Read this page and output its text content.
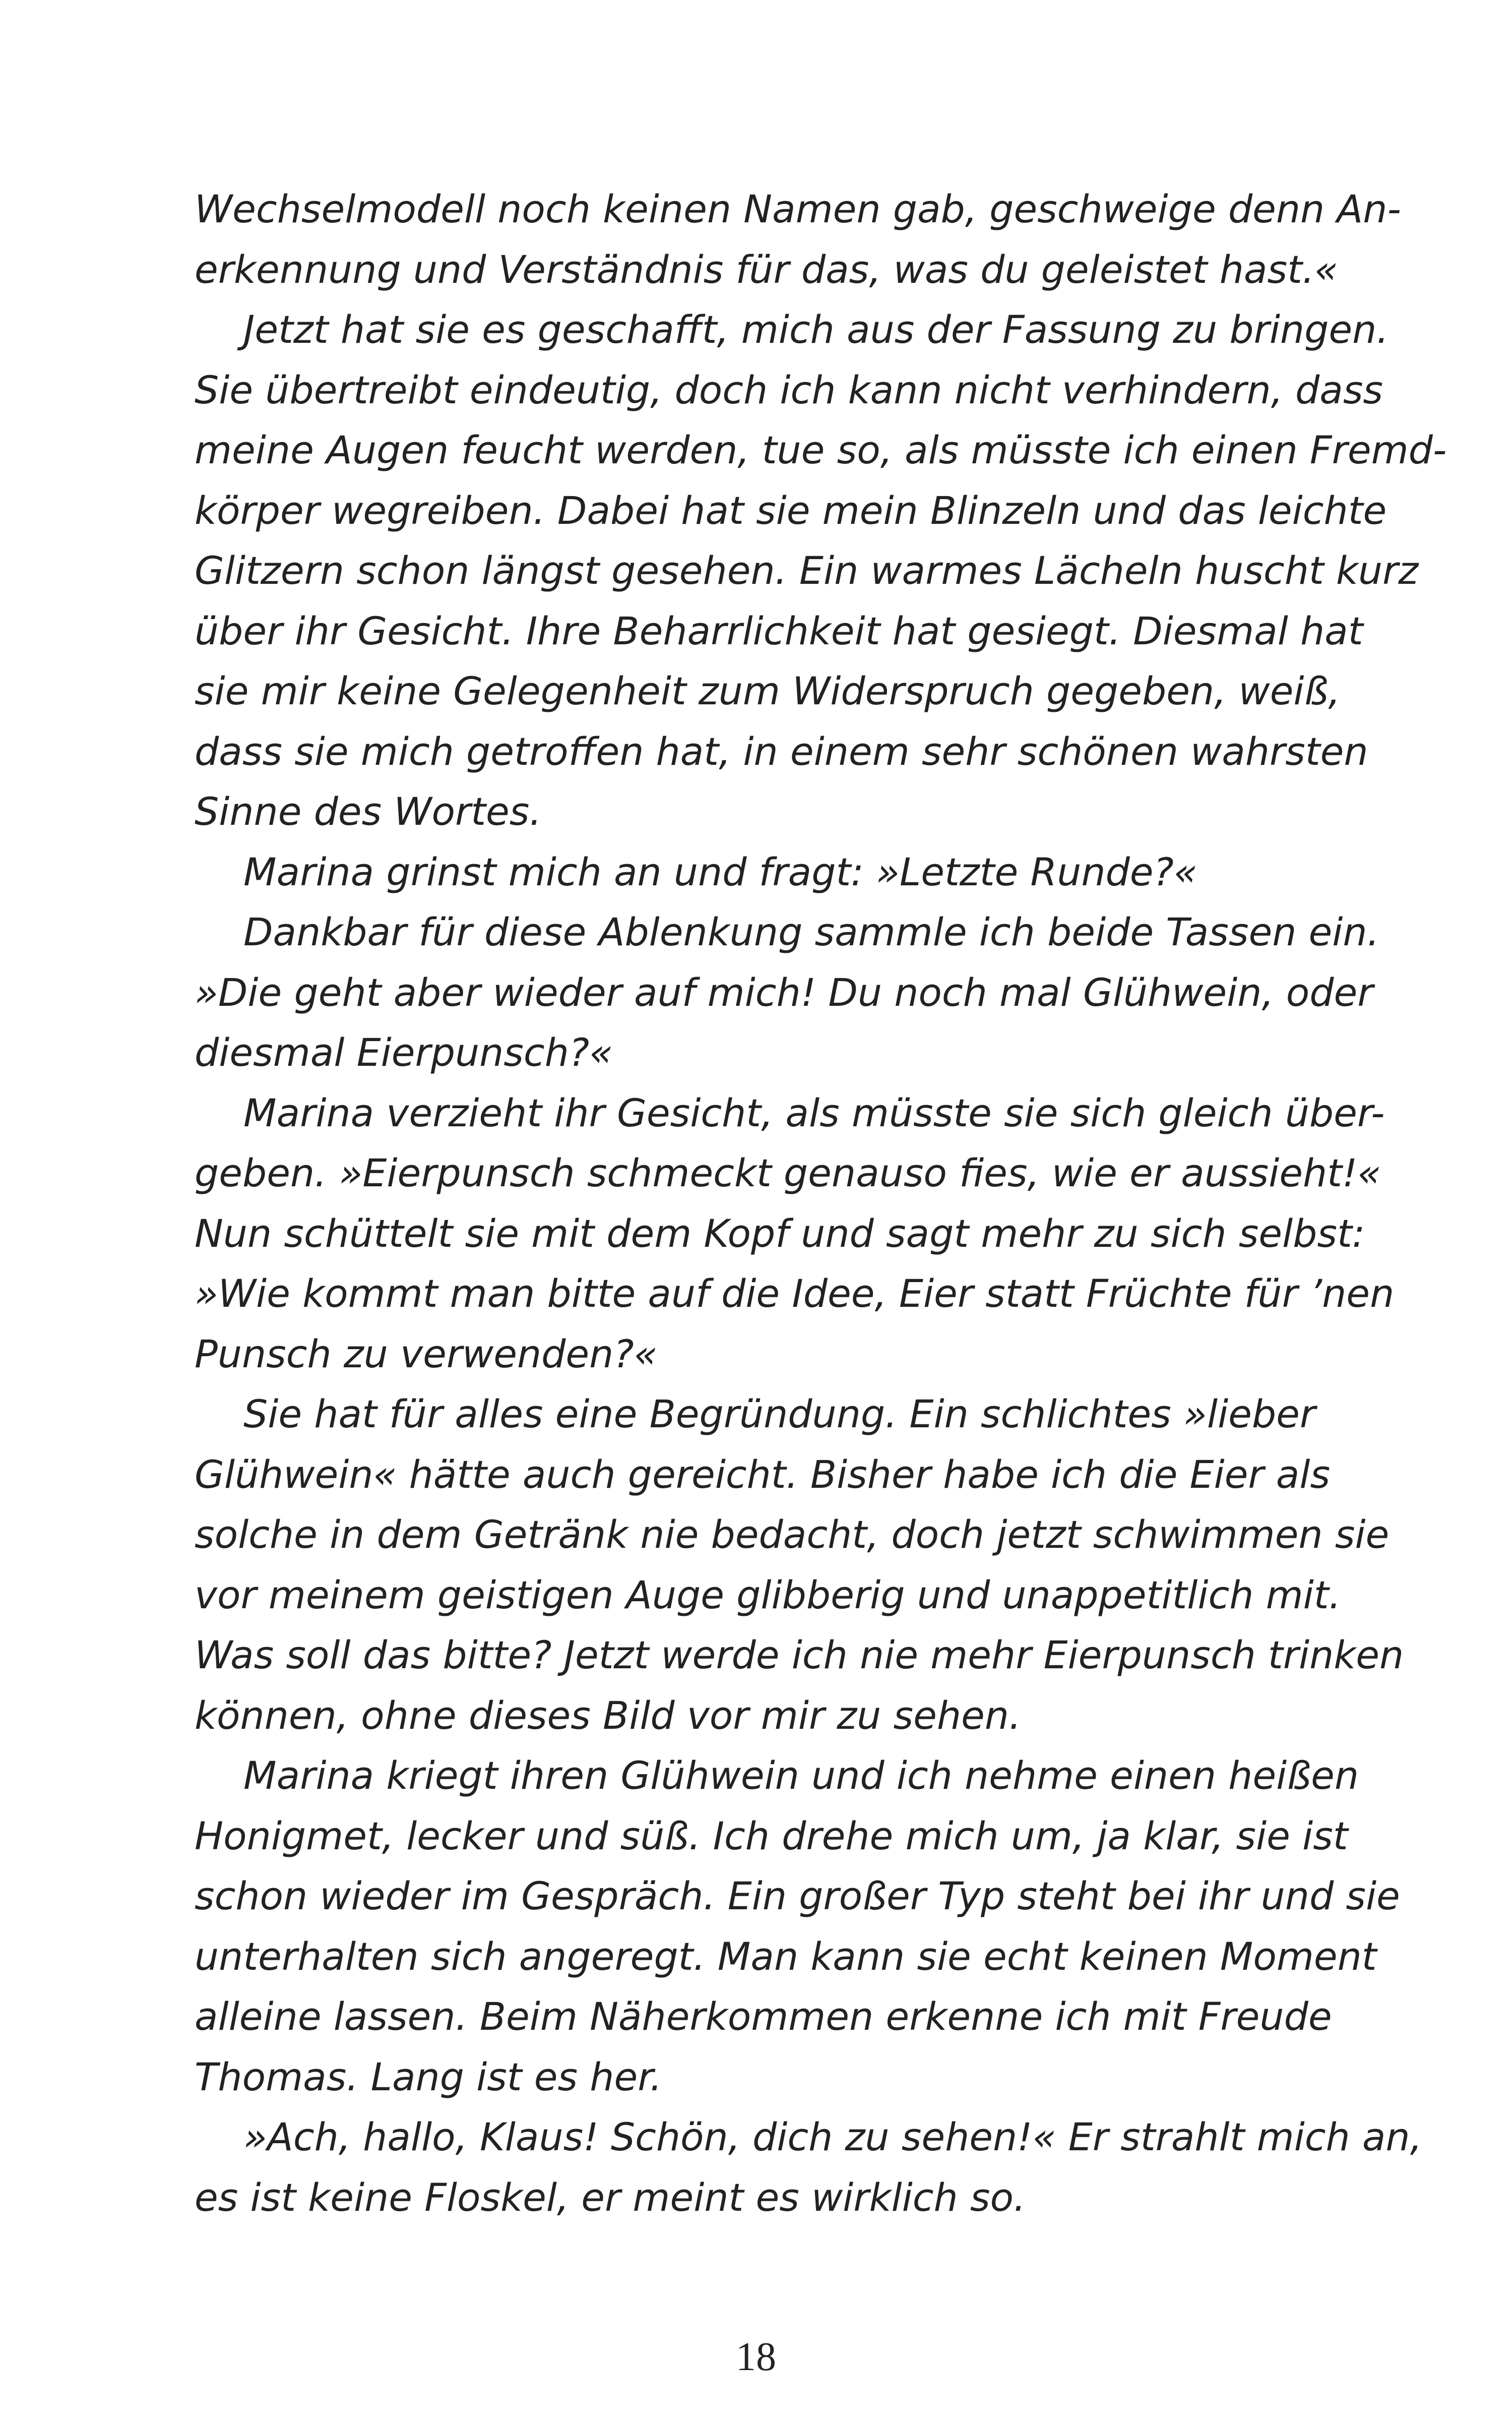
Wechselmodell noch keinen Namen gab, geschweige denn An-
erkennung und Verständnis für das, was du geleistet hast.«
Jetzt hat sie es geschafft, mich aus der Fassung zu bringen.
Sie übertreibt eindeutig, doch ich kann nicht verhindern, dass
meine Augen feucht werden, tue so, als müsste ich einen Fremd-
körper wegreiben. Dabei hat sie mein Blinzeln und das leichte
Glitzern schon längst gesehen. Ein warmes Lächeln huscht kurz
über ihr Gesicht. Ihre Beharrlichkeit hat gesiegt. Diesmal hat
sie mir keine Gelegenheit zum Widerspruch gegeben, weiß,
dass sie mich getroffen hat, in einem sehr schönen wahrsten
Sinne des Wortes.
Marina grinst mich an und fragt: »Letzte Runde?«
Dankbar für diese Ablenkung sammle ich beide Tassen ein.
»Die geht aber wieder auf mich! Du noch mal Glühwein, oder
diesmal Eierpunsch?«
Marina verzieht ihr Gesicht, als müsste sie sich gleich über-
geben. »Eierpunsch schmeckt genauso fies, wie er aussieht!«
Nun schüttelt sie mit dem Kopf und sagt mehr zu sich selbst:
»Wie kommt man bitte auf die Idee, Eier statt Früchte für ’nen
Punsch zu verwenden?«
Sie hat für alles eine Begründung. Ein schlichtes »lieber
Glühwein« hätte auch gereicht. Bisher habe ich die Eier als
solche in dem Getränk nie bedacht, doch jetzt schwimmen sie
vor meinem geistigen Auge glibberig und unappetitlich mit.
Was soll das bitte? Jetzt werde ich nie mehr Eierpunsch trinken
können, ohne dieses Bild vor mir zu sehen.
Marina kriegt ihren Glühwein und ich nehme einen heißen
Honigmet, lecker und süß. Ich drehe mich um, ja klar, sie ist
schon wieder im Gespräch. Ein großer Typ steht bei ihr und sie
unterhalten sich angeregt. Man kann sie echt keinen Moment
alleine lassen. Beim Näherkommen erkenne ich mit Freude
Thomas. Lang ist es her.
»Ach, hallo, Klaus! Schön, dich zu sehen!« Er strahlt mich an,
es ist keine Floskel, er meint es wirklich so.
18
